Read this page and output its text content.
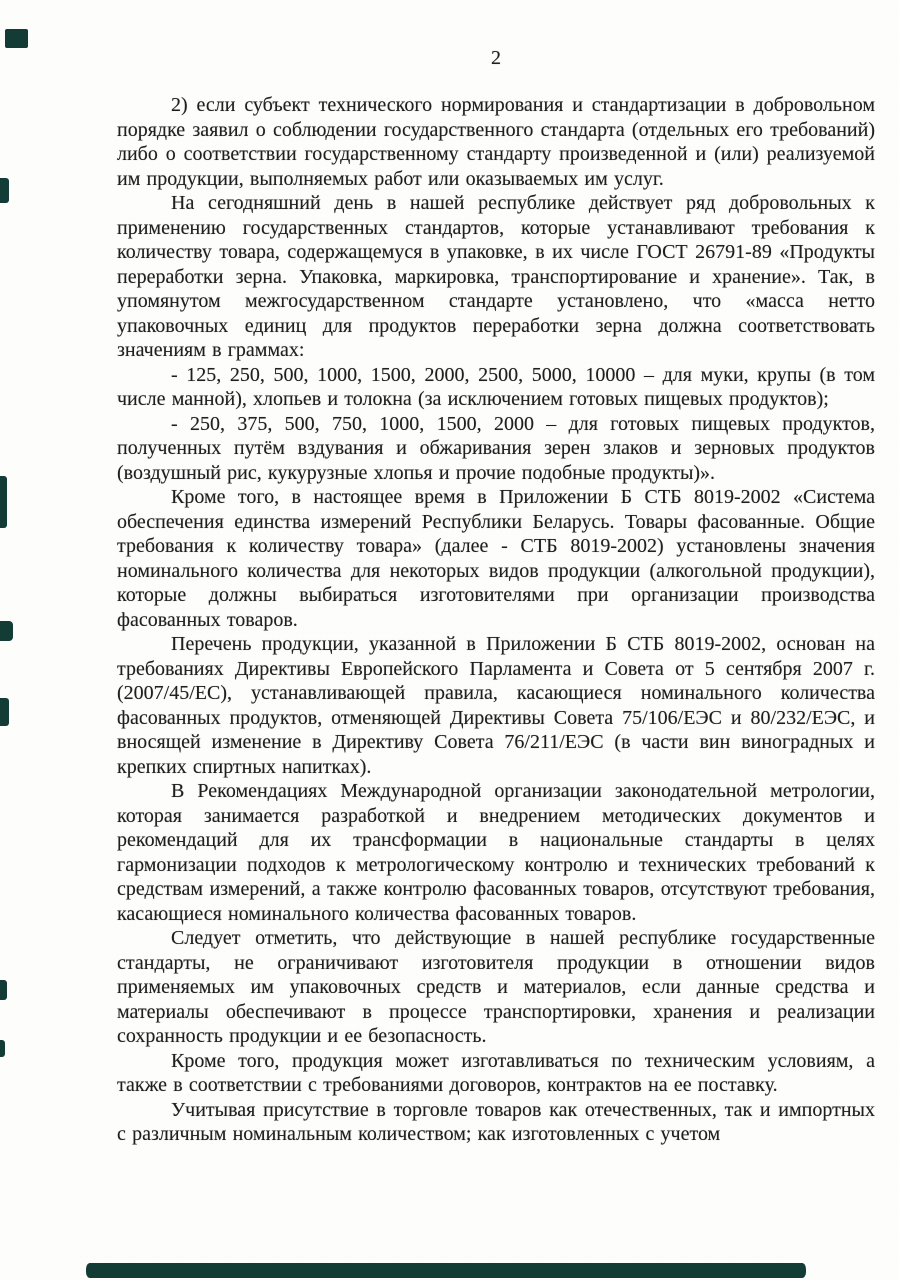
2

2) если субъект технического нормирования и стандартизации в добровольном порядке заявил о соблюдении государственного стандарта (отдельных его требований) либо о соответствии государственному стандарту произведенной и (или) реализуемой им продукции, выполняемых работ или оказываемых им услуг.

На сегодняшний день в нашей республике действует ряд добровольных к применению государственных стандартов, которые устанавливают требования к количеству товара, содержащемуся в упаковке, в их числе ГОСТ 26791-89 «Продукты переработки зерна. Упаковка, маркировка, транспортирование и хранение». Так, в упомянутом межгосударственном стандарте установлено, что «масса нетто упаковочных единиц для продуктов переработки зерна должна соответствовать значениям в граммах:

- 125, 250, 500, 1000, 1500, 2000, 2500, 5000, 10000 – для муки, крупы (в том числе манной), хлопьев и толокна (за исключением готовых пищевых продуктов);

- 250, 375, 500, 750, 1000, 1500, 2000 – для готовых пищевых продуктов, полученных путём вздувания и обжаривания зерен злаков и зерновых продуктов (воздушный рис, кукурузные хлопья и прочие подобные продукты)».

Кроме того, в настоящее время в Приложении Б СТБ 8019-2002 «Система обеспечения единства измерений Республики Беларусь. Товары фасованные. Общие требования к количеству товара» (далее - СТБ 8019-2002) установлены значения номинального количества для некоторых видов продукции (алкогольной продукции), которые должны выбираться изготовителями при организации производства фасованных товаров.

Перечень продукции, указанной в Приложении Б СТБ 8019-2002, основан на требованиях Директивы Европейского Парламента и Совета от 5 сентября 2007 г. (2007/45/ЕС), устанавливающей правила, касающиеся номинального количества фасованных продуктов, отменяющей Директивы Совета 75/106/ЕЭС и 80/232/ЕЭС, и вносящей изменение в Директиву Совета 76/211/ЕЭС (в части вин виноградных и крепких спиртных напитках).

В Рекомендациях Международной организации законодательной метрологии, которая занимается разработкой и внедрением методических документов и рекомендаций для их трансформации в национальные стандарты в целях гармонизации подходов к метрологическому контролю и технических требований к средствам измерений, а также контролю фасованных товаров, отсутствуют требования, касающиеся номинального количества фасованных товаров.

Следует отметить, что действующие в нашей республике государственные стандарты, не ограничивают изготовителя продукции в отношении видов применяемых им упаковочных средств и материалов, если данные средства и материалы обеспечивают в процессе транспортировки, хранения и реализации сохранность продукции и ее безопасность.

Кроме того, продукция может изготавливаться по техническим условиям, а также в соответствии с требованиями договоров, контрактов на ее поставку.

Учитывая присутствие в торговле товаров как отечественных, так и импортных с различным номинальным количеством; как изготовленных с учетом
